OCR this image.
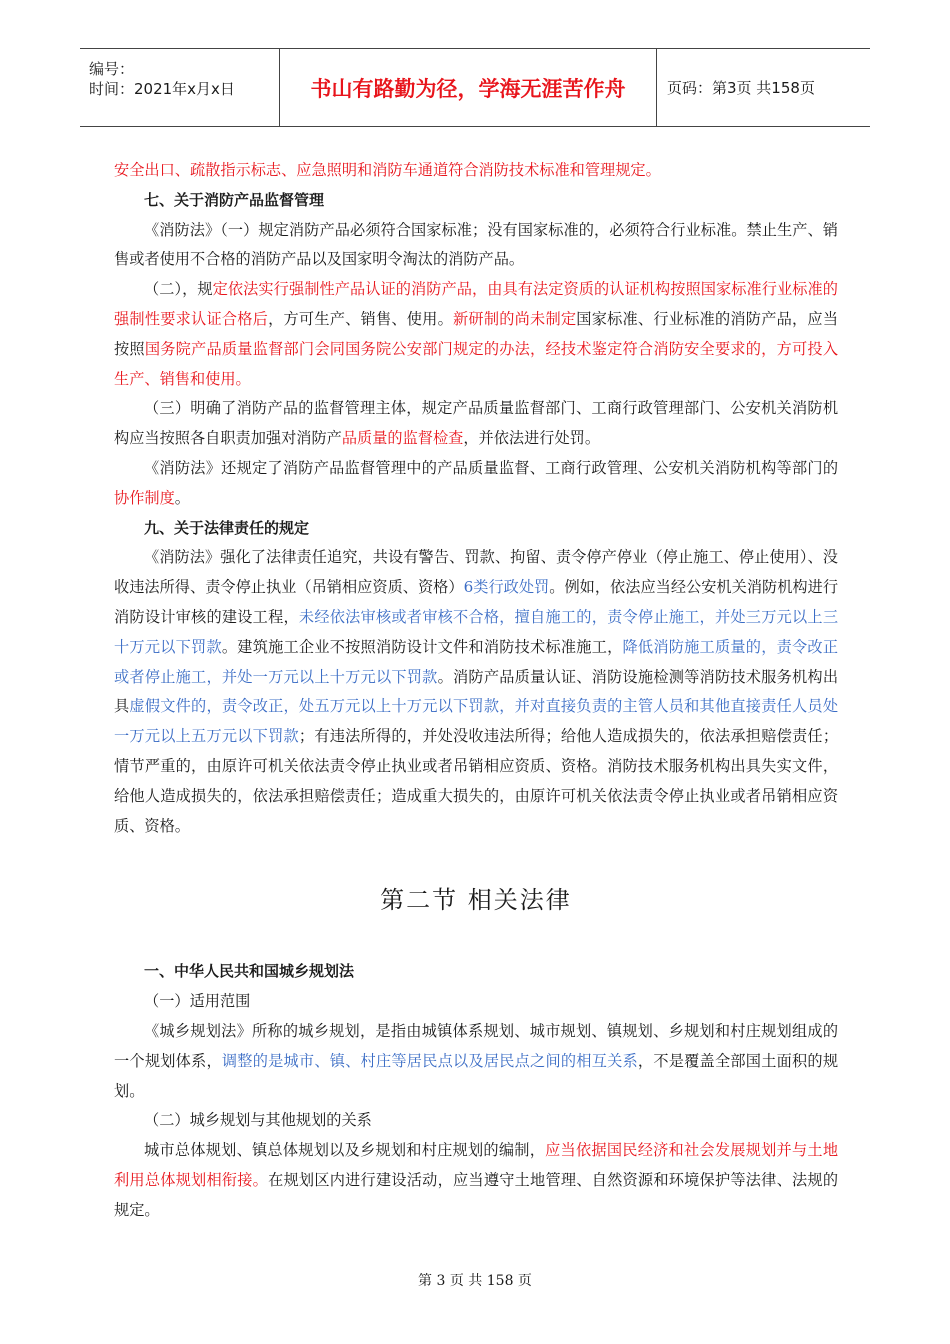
编号：
时间：2021年x月x日	书山有路勤为径，学海无涯苦作舟	页码：第3页 共158页

安全出口、疏散指示标志、应急照明和消防车通道符合消防技术标准和管理规定。

七、关于消防产品监督管理

《消防法》（一）规定消防产品必须符合国家标准；没有国家标准的，必须符合行业标准。禁止生产、销售或者使用不合格的消防产品以及国家明令淘汰的消防产品。

（二），规定依法实行强制性产品认证的消防产品，由具有法定资质的认证机构按照国家标准行业标准的强制性要求认证合格后，方可生产、销售、使用。新研制的尚未制定国家标准、行业标准的消防产品，应当按照国务院产品质量监督部门会同国务院公安部门规定的办法，经技术鉴定符合消防安全要求的，方可投入生产、销售和使用。

（三）明确了消防产品的监督管理主体，规定产品质量监督部门、工商行政管理部门、公安机关消防机构应当按照各自职责加强对消防产品质量的监督检查，并依法进行处罚。

《消防法》还规定了消防产品监督管理中的产品质量监督、工商行政管理、公安机关消防机构等部门的协作制度。

九、关于法律责任的规定

《消防法》强化了法律责任追究，共设有警告、罚款、拘留、责令停产停业（停止施工、停止使用）、没收违法所得、责令停止执业（吊销相应资质、资格）6类行政处罚。例如，依法应当经公安机关消防机构进行消防设计审核的建设工程，未经依法审核或者审核不合格，擅自施工的，责令停止施工，并处三万元以上三十万元以下罚款。建筑施工企业不按照消防设计文件和消防技术标准施工，降低消防施工质量的，责令改正或者停止施工，并处一万元以上十万元以下罚款。消防产品质量认证、消防设施检测等消防技术服务机构出具虚假文件的，责令改正，处五万元以上十万元以下罚款，并对直接负责的主管人员和其他直接责任人员处一万元以上五万元以下罚款；有违法所得的，并处没收违法所得；给他人造成损失的，依法承担赔偿责任；情节严重的，由原许可机关依法责令停止执业或者吊销相应资质、资格。消防技术服务机构出具失实文件，给他人造成损失的，依法承担赔偿责任；造成重大损失的，由原许可机关依法责令停止执业或者吊销相应资质、资格。

第二节 相关法律

一、中华人民共和国城乡规划法

（一）适用范围

《城乡规划法》所称的城乡规划，是指由城镇体系规划、城市规划、镇规划、乡规划和村庄规划组成的一个规划体系，调整的是城市、镇、村庄等居民点以及居民点之间的相互关系，不是覆盖全部国土面积的规划。

（二）城乡规划与其他规划的关系

城市总体规划、镇总体规划以及乡规划和村庄规划的编制，应当依据国民经济和社会发展规划并与土地利用总体规划相衔接。在规划区内进行建设活动，应当遵守土地管理、自然资源和环境保护等法律、法规的规定。

第 3 页 共 158 页
